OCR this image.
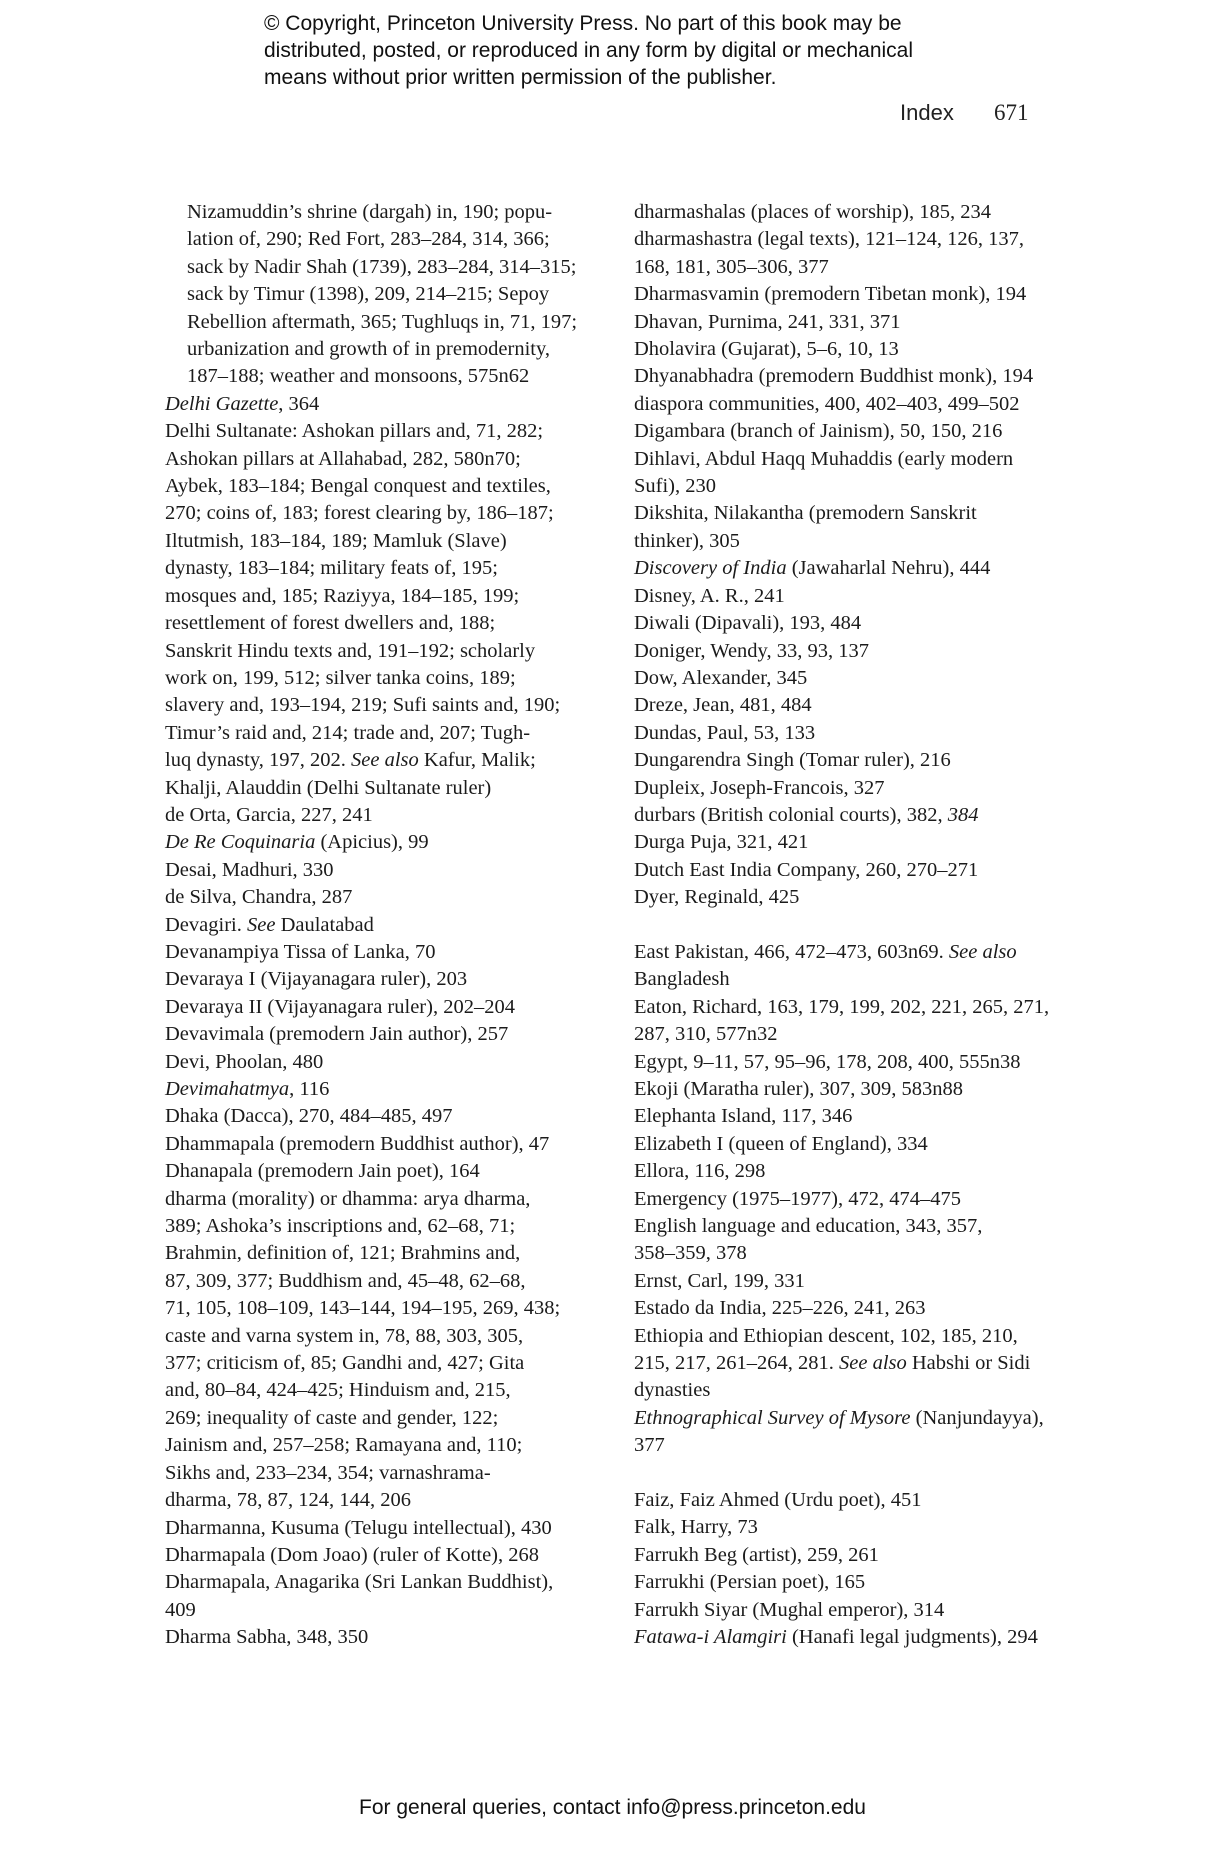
© Copyright, Princeton University Press. No part of this book may be
distributed, posted, or reproduced in any form by digital or mechanical
means without prior written permission of the publisher.
Index 671
Nizamuddin’s shrine (dargah) in, 190; popu-
lation of, 290; Red Fort, 283–284, 314, 366;
sack by Nadir Shah (1739), 283–284, 314–315;
sack by Timur (1398), 209, 214–215; Sepoy
Rebellion aftermath, 365; Tughluqs in, 71, 197;
urbanization and growth of in premodernity,
187–188; weather and monsoons, 575n62
Delhi Gazette, 364
Delhi Sultanate: Ashokan pillars and, 71, 282;
Ashokan pillars at Allahabad, 282, 580n70;
Aybek, 183–184; Bengal conquest and textiles,
270; coins of, 183; forest clearing by, 186–187;
Iltutmish, 183–184, 189; Mamluk (Slave)
dynasty, 183–184; military feats of, 195;
mosques and, 185; Raziyya, 184–185, 199;
resettlement of forest dwellers and, 188;
Sanskrit Hindu texts and, 191–192; scholarly
work on, 199, 512; silver tanka coins, 189;
slavery and, 193–194, 219; Sufi saints and, 190;
Timur’s raid and, 214; trade and, 207; Tugh-
luq dynasty, 197, 202. See also Kafur, Malik;
Khalji, Alauddin (Delhi Sultanate ruler)
de Orta, Garcia, 227, 241
De Re Coquinaria (Apicius), 99
Desai, Madhuri, 330
de Silva, Chandra, 287
Devagiri. See Daulatabad
Devanampiya Tissa of Lanka, 70
Devaraya I (Vijayanagara ruler), 203
Devaraya II (Vijayanagara ruler), 202–204
Devavimala (premodern Jain author), 257
Devi, Phoolan, 480
Devimahatmya, 116
Dhaka (Dacca), 270, 484–485, 497
Dhammapala (premodern Buddhist author), 47
Dhanapala (premodern Jain poet), 164
dharma (morality) or dhamma: arya dharma,
389; Ashoka’s inscriptions and, 62–68, 71;
Brahmin, definition of, 121; Brahmins and,
87, 309, 377; Buddhism and, 45–48, 62–68,
71, 105, 108–109, 143–144, 194–195, 269, 438;
caste and varna system in, 78, 88, 303, 305,
377; criticism of, 85; Gandhi and, 427; Gita
and, 80–84, 424–425; Hinduism and, 215,
269; inequality of caste and gender, 122;
Jainism and, 257–258; Ramayana and, 110;
Sikhs and, 233–234, 354; varnashrama-
dharma, 78, 87, 124, 144, 206
Dharmanna, Kusuma (Telugu intellectual), 430
Dharmapala (Dom Joao) (ruler of Kotte), 268
Dharmapala, Anagarika (Sri Lankan Buddhist),
409
Dharma Sabha, 348, 350
dharmashalas (places of worship), 185, 234
dharmashastra (legal texts), 121–124, 126, 137,
168, 181, 305–306, 377
Dharmasvamin (premodern Tibetan monk), 194
Dhavan, Purnima, 241, 331, 371
Dholavira (Gujarat), 5–6, 10, 13
Dhyanabhadra (premodern Buddhist monk), 194
diaspora communities, 400, 402–403, 499–502
Digambara (branch of Jainism), 50, 150, 216
Dihlavi, Abdul Haqq Muhaddis (early modern
Sufi), 230
Dikshita, Nilakantha (premodern Sanskrit
thinker), 305
Discovery of India (Jawaharlal Nehru), 444
Disney, A. R., 241
Diwali (Dipavali), 193, 484
Doniger, Wendy, 33, 93, 137
Dow, Alexander, 345
Dreze, Jean, 481, 484
Dundas, Paul, 53, 133
Dungarendra Singh (Tomar ruler), 216
Dupleix, Joseph-Francois, 327
durbars (British colonial courts), 382, 384
Durga Puja, 321, 421
Dutch East India Company, 260, 270–271
Dyer, Reginald, 425
East Pakistan, 466, 472–473, 603n69. See also
Bangladesh
Eaton, Richard, 163, 179, 199, 202, 221, 265, 271,
287, 310, 577n32
Egypt, 9–11, 57, 95–96, 178, 208, 400, 555n38
Ekoji (Maratha ruler), 307, 309, 583n88
Elephanta Island, 117, 346
Elizabeth I (queen of England), 334
Ellora, 116, 298
Emergency (1975–1977), 472, 474–475
English language and education, 343, 357,
358–359, 378
Ernst, Carl, 199, 331
Estado da India, 225–226, 241, 263
Ethiopia and Ethiopian descent, 102, 185, 210,
215, 217, 261–264, 281. See also Habshi or Sidi
dynasties
Ethnographical Survey of Mysore (Nanjundayya),
377
Faiz, Faiz Ahmed (Urdu poet), 451
Falk, Harry, 73
Farrukh Beg (artist), 259, 261
Farrukhi (Persian poet), 165
Farrukh Siyar (Mughal emperor), 314
Fatawa-i Alamgiri (Hanafi legal judgments), 294
For general queries, contact info@press.princeton.edu
